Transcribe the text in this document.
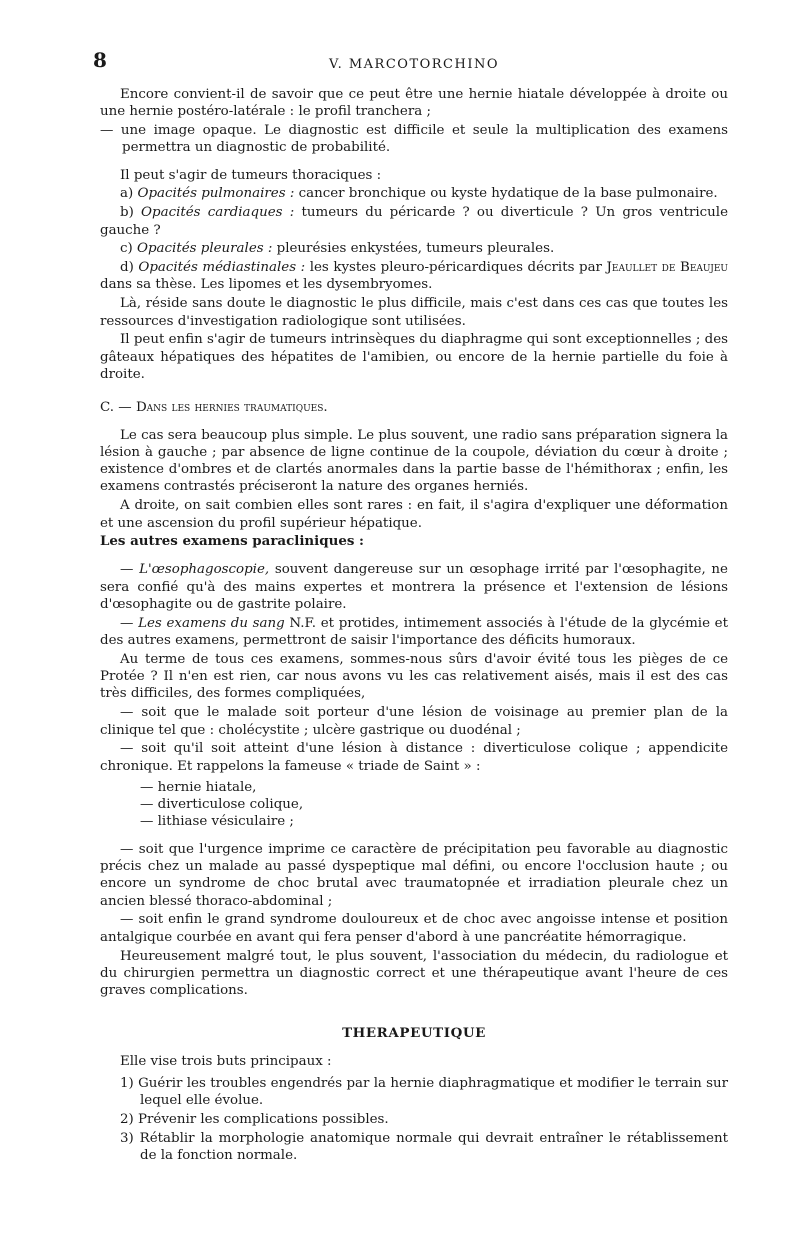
8	V. MARCOTORCHINO

Encore convient-il de savoir que ce peut être une hernie hiatale développée à droite ou une hernie postéro-latérale : le profil tranchera ;

— une image opaque. Le diagnostic est difficile et seule la multiplication des examens permettra un diagnostic de probabilité.

Il peut s'agir de tumeurs thoraciques :

a) Opacités pulmonaires : cancer bronchique ou kyste hydatique de la base pulmonaire.

b) Opacités cardiaques : tumeurs du péricarde ? ou diverticule ? Un gros ventricule gauche ?

c) Opacités pleurales : pleurésies enkystées, tumeurs pleurales.

d) Opacités médiastinales : les kystes pleuro-péricardiques décrits par Jeaullet de Beaujeu dans sa thèse. Les lipomes et les dysembryomes.

Là, réside sans doute le diagnostic le plus difficile, mais c'est dans ces cas que toutes les ressources d'investigation radiologique sont utilisées.

Il peut enfin s'agir de tumeurs intrinsèques du diaphragme qui sont exceptionnelles ; des gâteaux hépatiques des hépatites de l'amibien, ou encore de la hernie partielle du foie à droite.

C. — Dans les hernies traumatiques.

Le cas sera beaucoup plus simple. Le plus souvent, une radio sans préparation signera la lésion à gauche ; par absence de ligne continue de la coupole, déviation du cœur à droite ; existence d'ombres et de clartés anormales dans la partie basse de l'hémithorax ; enfin, les examens contrastés préciseront la nature des organes herniés.

A droite, on sait combien elles sont rares : en fait, il s'agira d'expliquer une déformation et une ascension du profil supérieur hépatique.

Les autres examens paracliniques :

— L'œsophagoscopie, souvent dangereuse sur un œsophage irrité par l'œsophagite, ne sera confié qu'à des mains expertes et montrera la présence et l'extension de lésions d'œsophagite ou de gastrite polaire.

— Les examens du sang N.F. et protides, intimement associés à l'étude de la glycémie et des autres examens, permettront de saisir l'importance des déficits humoraux.

Au terme de tous ces examens, sommes-nous sûrs d'avoir évité tous les pièges de ce Protée ? Il n'en est rien, car nous avons vu les cas relativement aisés, mais il est des cas très difficiles, des formes compliquées,

— soit que le malade soit porteur d'une lésion de voisinage au premier plan de la clinique tel que : cholécystite ; ulcère gastrique ou duodénal ;

— soit qu'il soit atteint d'une lésion à distance : diverticulose colique ; appendicite chronique. Et rappelons la fameuse « triade de Saint » :

— hernie hiatale,

— diverticulose colique,

— lithiase vésiculaire ;

— soit que l'urgence imprime ce caractère de précipitation peu favorable au diagnostic précis chez un malade au passé dyspeptique mal défini, ou encore l'occlusion haute ; ou encore un syndrome de choc brutal avec traumatopnée et irradiation pleurale chez un ancien blessé thoraco-abdominal ;

— soit enfin le grand syndrome douloureux et de choc avec angoisse intense et position antalgique courbée en avant qui fera penser d'abord à une pancréatite hémorragique.

Heureusement malgré tout, le plus souvent, l'association du médecin, du radiologue et du chirurgien permettra un diagnostic correct et une thérapeutique avant l'heure de ces graves complications.

THERAPEUTIQUE

Elle vise trois buts principaux :

1) Guérir les troubles engendrés par la hernie diaphragmatique et modifier le terrain sur lequel elle évolue.

2) Prévenir les complications possibles.

3) Rétablir la morphologie anatomique normale qui devrait entraîner le rétablissement de la fonction normale.
